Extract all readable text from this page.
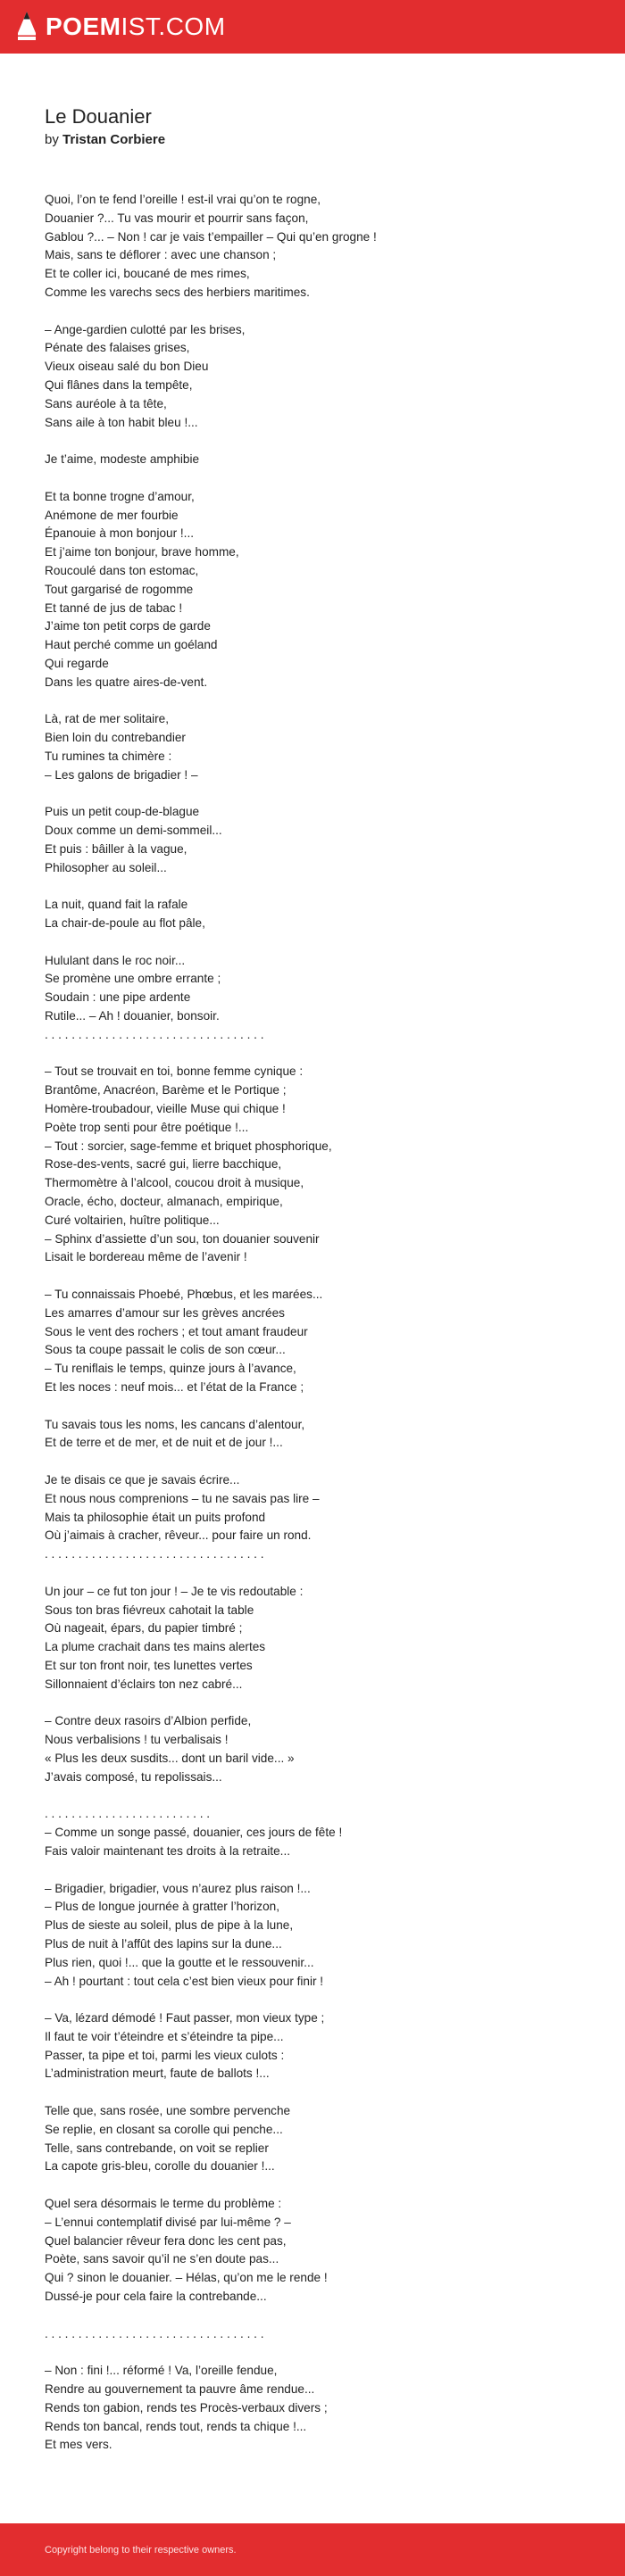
POEM IST.COM
Le Douanier
by Tristan Corbiere
Quoi, l’on te fend l’oreille ! est-il vrai qu’on te rogne,
Douanier ?... Tu vas mourir et pourrir sans façon,
Gablou ?... – Non ! car je vais t’empailler – Qui qu’en grogne !
Mais, sans te déflorer : avec une chanson ;
Et te coller ici, boucané de mes rimes,
Comme les varechs secs des herbiers maritimes.
– Ange-gardien culotté par les brises,
Pénate des falaises grises,
Vieux oiseau salé du bon Dieu
Qui flânes dans la tempête,
Sans auréole à ta tête,
Sans aile à ton habit bleu !...
Je t’aime, modeste amphibie
Et ta bonne trogne d’amour,
Anémone de mer fourbie
Épanouie à mon bonjour !...
Et j’aime ton bonjour, brave homme,
Roucoulé dans ton estomac,
Tout gargarisé de rogomme
Et tanné de jus de tabac !
J’aime ton petit corps de garde
Haut perché comme un goéland
Qui regarde
Dans les quatre aires-de-vent.
Là, rat de mer solitaire,
Bien loin du contrebandier
Tu rumines ta chimère :
– Les galons de brigadier ! –
Puis un petit coup-de-blague
Doux comme un demi-sommeil...
Et puis : bâiller à la vague,
Philosopher au soleil...
La nuit, quand fait la rafale
La chair-de-poule au flot pâle,
Hululant dans le roc noir...
Se promène une ombre errante ;
Soudain : une pipe ardente
Rutile... – Ah ! douanier, bonsoir.
. . . . . . . . . . . . . . . . . . . . . . . . . . . . . . . . .
– Tout se trouvait en toi, bonne femme cynique :
Brantôme, Anacréon, Barème et le Portique ;
Homère-troubadour, vieille Muse qui chique !
Poète trop senti pour être poétique !...
– Tout : sorcier, sage-femme et briquet phosphorique,
Rose-des-vents, sacré gui, lierre bacchique,
Thermomètre à l’alcool, coucou droit à musique,
Oracle, écho, docteur, almanach, empirique,
Curé voltairien, huître politique...
– Sphinx d’assiette d’un sou, ton douanier souvenir
Lisait le bordereau même de l’avenir !
– Tu connaissais Phoebé, Phœbus, et les marées...
Les amarres d’amour sur les grèves ancrées
Sous le vent des rochers ; et tout amant fraudeur
Sous ta coupe passait le colis de son cœur...
– Tu reniflais le temps, quinze jours à l’avance,
Et les noces : neuf mois... et l’état de la France ;
Tu savais tous les noms, les cancans d’alentour,
Et de terre et de mer, et de nuit et de jour !...
Je te disais ce que je savais écrire...
Et nous nous comprenions – tu ne savais pas lire –
Mais ta philosophie était un puits profond
Où j’aimais à cracher, rêveur... pour faire un rond.
. . . . . . . . . . . . . . . . . . . . . . . . . . . . . . . . .
Un jour – ce fut ton jour ! – Je te vis redoutable :
Sous ton bras fiévreux cahotait la table
Où nageait, épars, du papier timbré ;
La plume crachait dans tes mains alertes
Et sur ton front noir, tes lunettes vertes
Sillonnaient d’éclairs ton nez cabré...
– Contre deux rasoirs d’Albion perfide,
Nous verbalisions ! tu verbalisais !
« Plus les deux susdits... dont un baril vide... »
J’avais composé, tu repolissais...
. . . . . . . . . . . . . . . . . . . . . . . . .
– Comme un songe passé, douanier, ces jours de fête !
Fais valoir maintenant tes droits à la retraite...
– Brigadier, brigadier, vous n’aurez plus raison !...
– Plus de longue journée à gratter l’horizon,
Plus de sieste au soleil, plus de pipe à la lune,
Plus de nuit à l’affût des lapins sur la dune...
Plus rien, quoi !... que la goutte et le ressouvenir...
– Ah ! pourtant : tout cela c’est bien vieux pour finir !
– Va, lézard démodé ! Faut passer, mon vieux type ;
Il faut te voir t’éteindre et s’éteindre ta pipe...
Passer, ta pipe et toi, parmi les vieux culots :
L’administration meurt, faute de ballots !...
Telle que, sans rosée, une sombre pervenche
Se replie, en closant sa corolle qui penche...
Telle, sans contrebande, on voit se replier
La capote gris-bleu, corolle du douanier !...
Quel sera désormais le terme du problème :
– L’ennui contemplatif divisé par lui-même ? –
Quel balancier rêveur fera donc les cent pas,
Poète, sans savoir qu’il ne s’en doute pas...
Qui ? sinon le douanier. – Hélas, qu’on me le rende !
Dussé-je pour cela faire la contrebande...
. . . . . . . . . . . . . . . . . . . . . . . . . . . . . . . . .
– Non : fini !... réformé ! Va, l’oreille fendue,
Rendre au gouvernement ta pauvre âme rendue...
Rends ton gabion, rends tes Procès-verbaux divers ;
Rends ton bancal, rends tout, rends ta chique !...
Et mes vers.
Copyright belong to their respective owners.
